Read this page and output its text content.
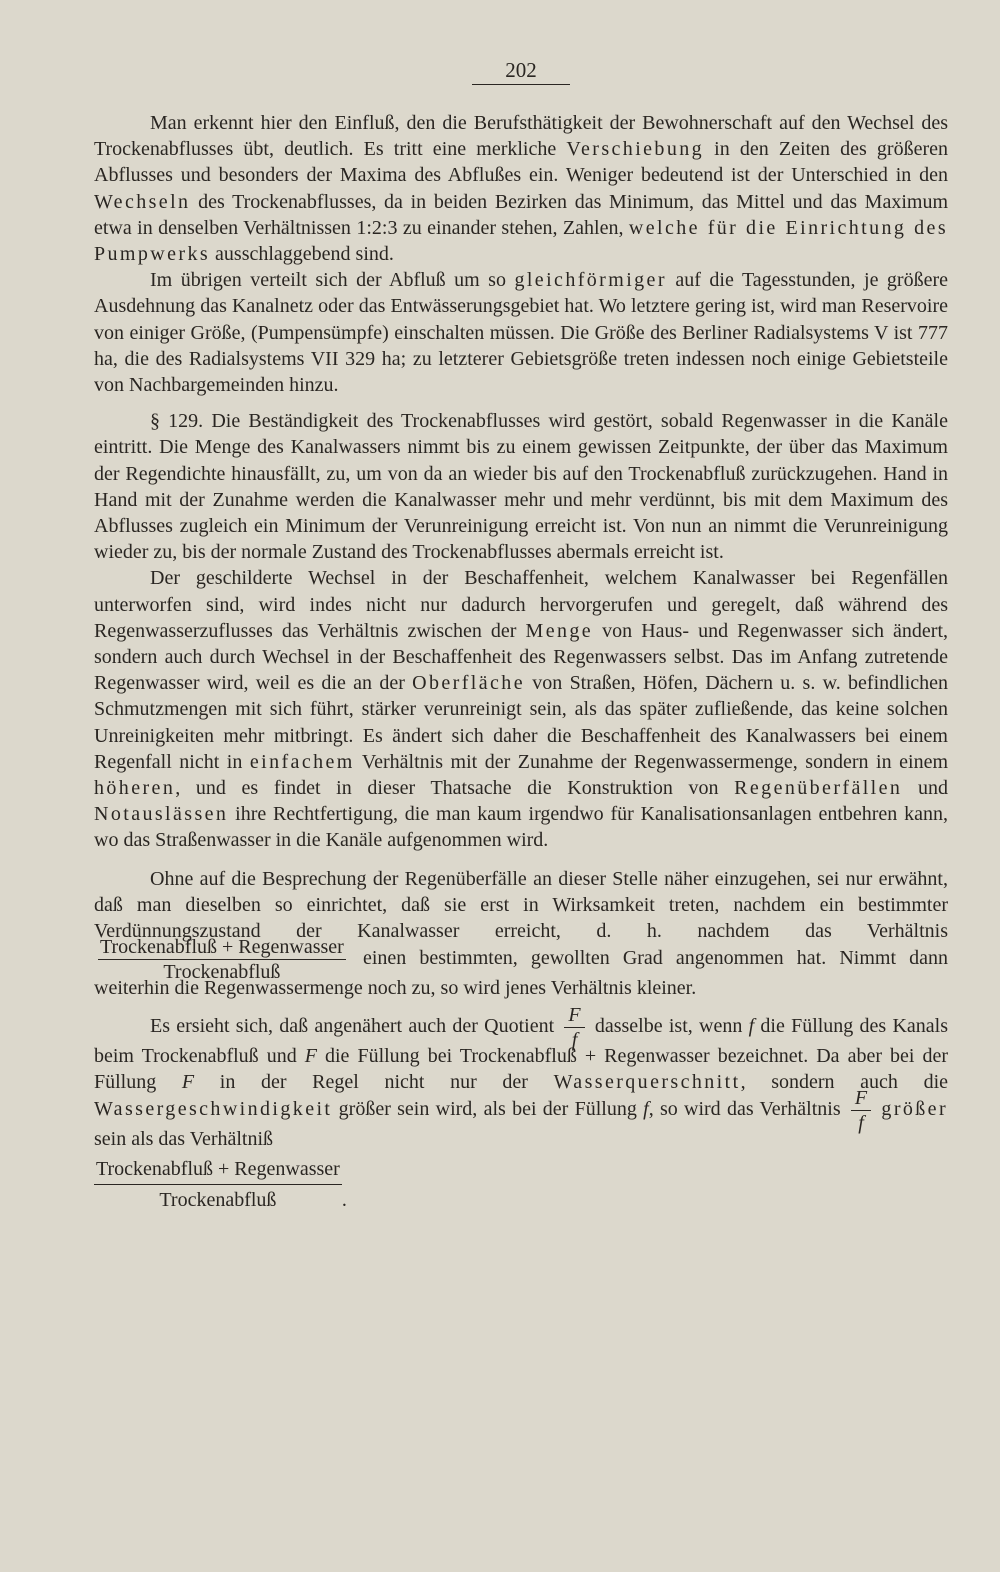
202

Man erkennt hier den Einfluß, den die Berufsthätigkeit der Bewohnerschaft auf den Wechsel des Trockenabflusses übt, deutlich. Es tritt eine merkliche Verschiebung in den Zeiten des größeren Abflusses und besonders der Maxima des Abflußes ein. Weniger bedeutend ist der Unterschied in den Wechseln des Trockenabflusses, da in beiden Bezirken das Minimum, das Mittel und das Maximum etwa in denselben Verhältnissen 1:2:3 zu einander stehen, Zahlen, welche für die Einrichtung des Pumpwerks ausschlaggebend sind.

Im übrigen verteilt sich der Abfluß um so gleichförmiger auf die Tagesstunden, je größere Ausdehnung das Kanalnetz oder das Entwässerungsgebiet hat. Wo letztere gering ist, wird man Reservoire von einiger Größe, (Pumpensümpfe) einschalten müssen. Die Größe des Berliner Radialsystems V ist 777 ha, die des Radialsystems VII 329 ha; zu letzterer Gebietsgröße treten indessen noch einige Gebietsteile von Nachbargemeinden hinzu.

§ 129. Die Beständigkeit des Trockenabflusses wird gestört, sobald Regenwasser in die Kanäle eintritt. Die Menge des Kanalwassers nimmt bis zu einem gewissen Zeitpunkte, der über das Maximum der Regendichte hinausfällt, zu, um von da an wieder bis auf den Trockenabfluß zurückzugehen. Hand in Hand mit der Zunahme werden die Kanalwasser mehr und mehr verdünnt, bis mit dem Maximum des Abflusses zugleich ein Minimum der Verunreinigung erreicht ist. Von nun an nimmt die Verunreinigung wieder zu, bis der normale Zustand des Trockenabflusses abermals erreicht ist.

Der geschilderte Wechsel in der Beschaffenheit, welchem Kanalwasser bei Regenfällen unterworfen sind, wird indes nicht nur dadurch hervorgerufen und geregelt, daß während des Regenwasserzuflusses das Verhältnis zwischen der Menge von Haus- und Regenwasser sich ändert, sondern auch durch Wechsel in der Beschaffenheit des Regenwassers selbst. Das im Anfang zutretende Regenwasser wird, weil es die an der Oberfläche von Straßen, Höfen, Dächern u. s. w. befindlichen Schmutzmengen mit sich führt, stärker verunreinigt sein, als das später zufließende, das keine solchen Unreinigkeiten mehr mitbringt. Es ändert sich daher die Beschaffenheit des Kanalwassers bei einem Regenfall nicht in einfachem Verhältnis mit der Zunahme der Regenwassermenge, sondern in einem höheren, und es findet in dieser Thatsache die Konstruktion von Regenüberfällen und Notauslässen ihre Rechtfertigung, die man kaum irgendwo für Kanalisationsanlagen entbehren kann, wo das Straßenwasser in die Kanäle aufgenommen wird.

Ohne auf die Besprechung der Regenüberfälle an dieser Stelle näher einzugehen, sei nur erwähnt, daß man dieselben so einrichtet, daß sie erst in Wirksamkeit treten, nachdem ein bestimmter Verdünnungszustand der Kanalwasser erreicht, d. h. nachdem das Verhältnis
$\frac{\text{Trockenabfluß + Regenwasser}}{\text{Trockenabfluß}}$ einen bestimmten, gewollten Grad angenommen hat. Nimmt dann weiterhin die Regenwassermenge noch zu, so wird jenes Verhältnis kleiner.

Es ersieht sich, daß angenähert auch der Quotient $\frac{F}{f}$ dasselbe ist, wenn f die Füllung des Kanals beim Trockenabfluß und F die Füllung bei Trockenabfluß + Regenwasser bezeichnet. Da aber bei der Füllung F in der Regel nicht nur der Wasserquerschnitt, sondern auch die Wassergeschwindigkeit größer sein wird, als bei der Füllung f, so wird das Verhältnis $\frac{F}{f}$ größer sein als das Verhältniß

$\frac{\text{Trockenabfluß + Regenwasser}}{\text{Trockenabfluß}}$ .
